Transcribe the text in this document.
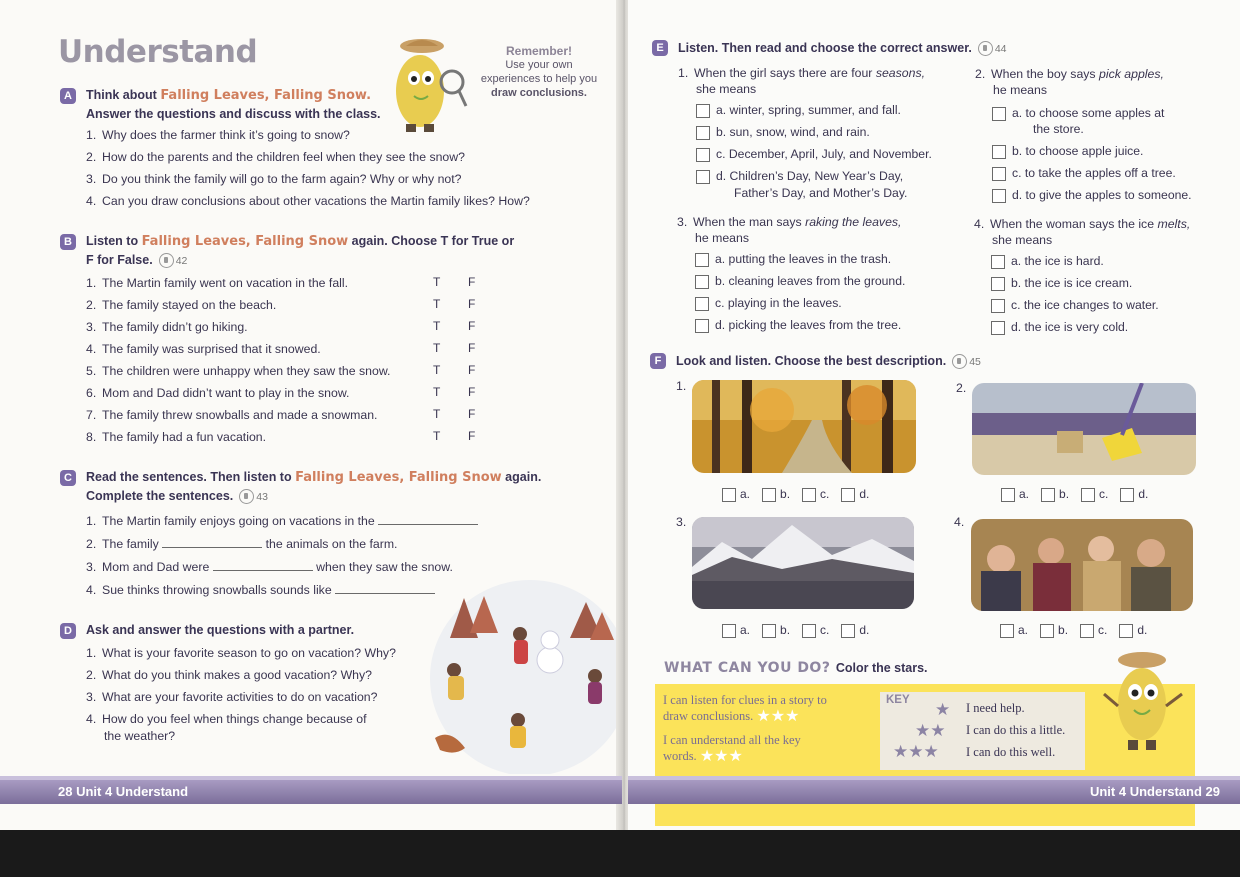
Understand	Remember!
Use your own
experiences to help you
draw conclusions.
A	Think about Falling Leaves, Falling Snow.
Answer the questions and discuss with the class.
1. Why does the farmer think it’s going to snow?
2. How do the parents and the children feel when they see the snow?
3. Do you think the family will go to the farm again? Why or why not?
4. Can you draw conclusions about other vacations the Martin family likes? How?
B	Listen to Falling Leaves, Falling Snow again. Choose T for True or
F for False. 42
1. The Martin family went on vacation in the fall.	T F
2. The family stayed on the beach.	T F
3. The family didn’t go hiking.	T F
4. The family was surprised that it snowed.	T F
5. The children were unhappy when they saw the snow.	T F
6. Mom and Dad didn’t want to play in the snow.	T F
7. The family threw snowballs and made a snowman.	T F
8. The family had a fun vacation.	T F
C	Read the sentences. Then listen to Falling Leaves, Falling Snow again.
Complete the sentences. 43
1. The Martin family enjoys going on vacations in the
2. The family	the animals on the farm.
3. Mom and Dad were	when they saw the snow.
4. Sue thinks throwing snowballs sounds like
D	Ask and answer the questions with a partner.
1. What is your favorite season to go on vacation? Why?
2. What do you think makes a good vacation? Why?
3. What are your favorite activities to do on vacation?
4. How do you feel when things change because of
the weather?
E	Listen. Then read and choose the correct answer. 44
1. When the girl says there are four seasons,
she means
a. winter, spring, summer, and fall.
b. sun, snow, wind, and rain.
c. December, April, July, and November.
d. Children’s Day, New Year’s Day,
Father’s Day, and Mother’s Day.
2. When the boy says pick apples,
he means
a. to choose some apples at
the store.
b. to choose apple juice.
c. to take the apples off a tree.
d. to give the apples to someone.
3. When the man says raking the leaves,
he means
a. putting the leaves in the trash.
b. cleaning leaves from the ground.
c. playing in the leaves.
d. picking the leaves from the tree.
4. When the woman says the ice melts,
she means
a. the ice is hard.
b. the ice is ice cream.
c. the ice changes to water.
d. the ice is very cold.
F	Look and listen. Choose the best description. 45
1.
a.	b.	c.	d.
2.
a.	b.	c.	d.
3.
a.	b.	c.	d.
4.
a.	b.	c.	d.
WHAT CAN YOU DO? Color the stars.
I can listen for clues in a story to
draw conclusions. ★★★
I can understand all the key
words. ★★★
KEY ★
★★
★★★
I need help.
I can do this a little.
I can do this well.
28 Unit 4 Understand	Unit 4 Understand 29
